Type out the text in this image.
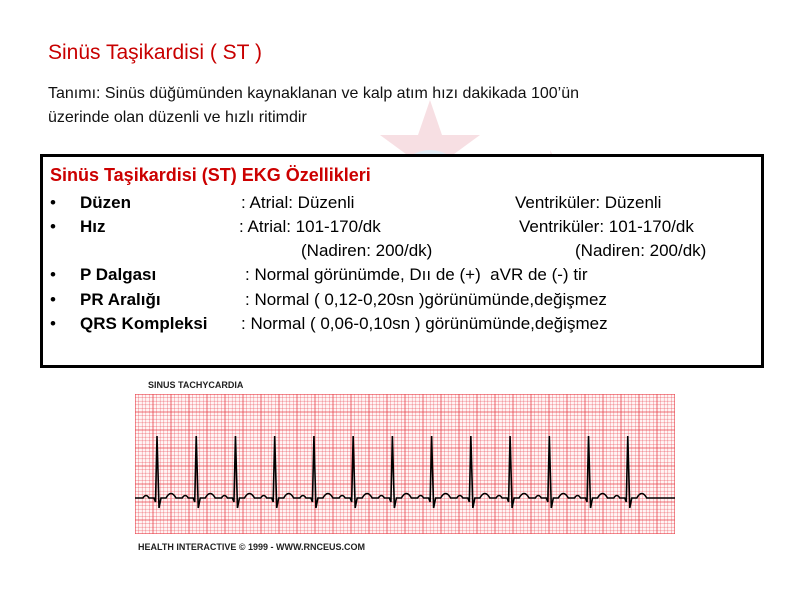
Sinüs Taşikardisi ( ST )
Tanımı: Sinüs düğümünden kaynaklanan ve kalp atım hızı dakikada 100’ün
üzerinde olan düzenli ve hızlı ritimdir
Sinüs Taşikardisi (ST) EKG Özellikleri
• Düzen	: Atrial: Düzenli	Ventriküler: Düzenli
• Hız	: Atrial: 101-170/dk	Ventriküler: 101-170/dk
(Nadiren: 200/dk)	(Nadiren: 200/dk)
• P Dalgası	: Normal görünümde, Dıı de (+)  aVR de (-) tir
• PR Aralığı	: Normal ( 0,12-0,20sn )görünümünde,değişmez
• QRS Kompleksi : Normal ( 0,06-0,10sn ) görünümünde,değişmez
SINUS TACHYCARDIA
HEALTH INTERACTIVE © 1999 - WWW.RNCEUS.COM
